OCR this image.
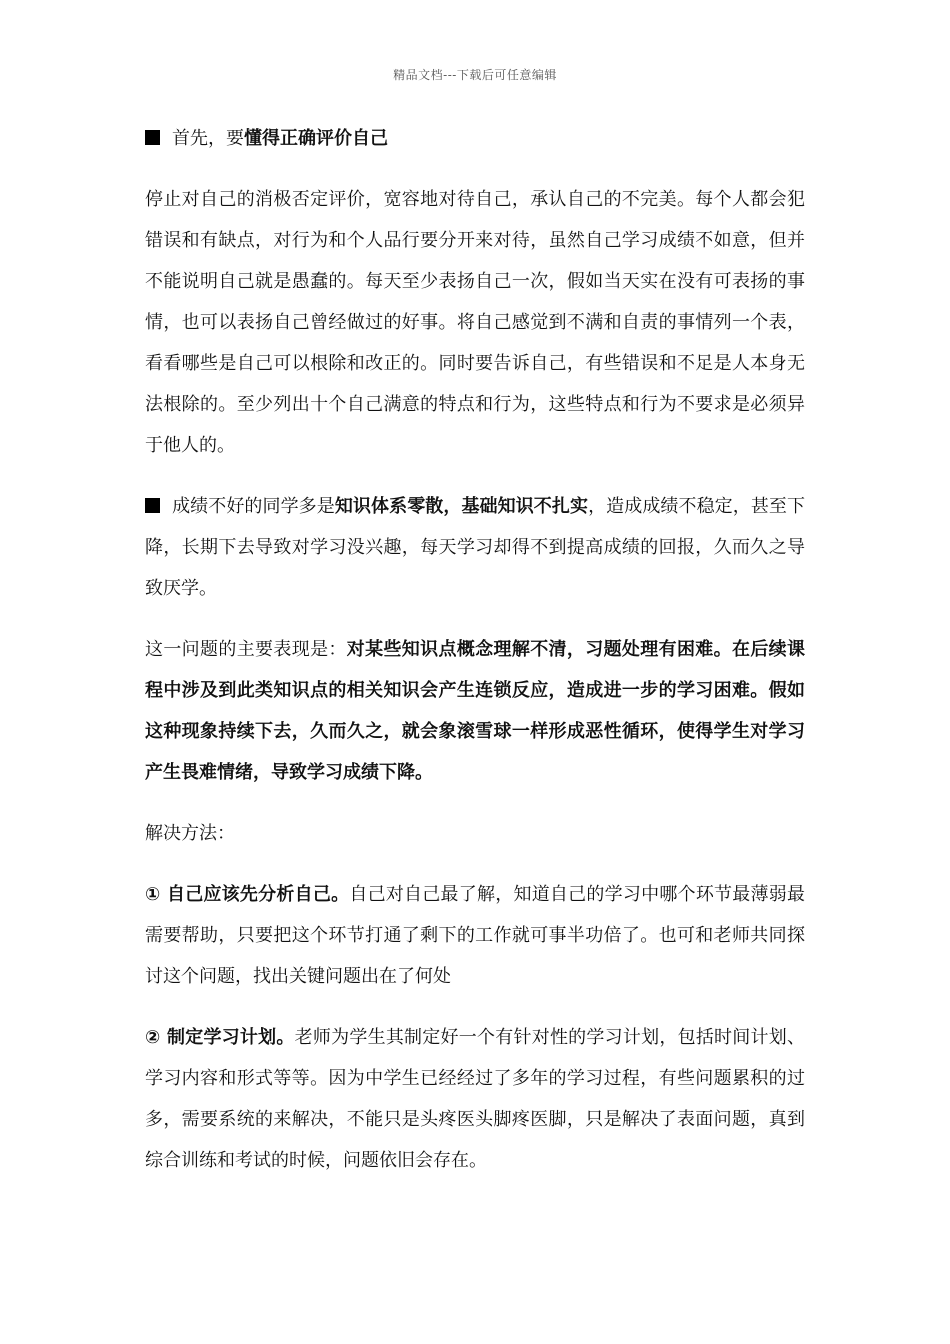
精品文档---下载后可任意编辑

首先，要懂得正确评价自己

停止对自己的消极否定评价，宽容地对待自己，承认自己的不完美。每个人都会犯错误和有缺点，对行为和个人品行要分开来对待，虽然自己学习成绩不如意，但并不能说明自己就是愚蠢的。每天至少表扬自己一次，假如当天实在没有可表扬的事情，也可以表扬自己曾经做过的好事。将自己感觉到不满和自责的事情列一个表，看看哪些是自己可以根除和改正的。同时要告诉自己，有些错误和不足是人本身无法根除的。至少列出十个自己满意的特点和行为，这些特点和行为不要求是必须异于他人的。

成绩不好的同学多是知识体系零散，基础知识不扎实，造成成绩不稳定，甚至下降，长期下去导致对学习没兴趣，每天学习却得不到提高成绩的回报，久而久之导致厌学。

这一问题的主要表现是：对某些知识点概念理解不清，习题处理有困难。在后续课程中涉及到此类知识点的相关知识会产生连锁反应，造成进一步的学习困难。假如这种现象持续下去，久而久之，就会象滚雪球一样形成恶性循环，使得学生对学习产生畏难情绪，导致学习成绩下降。

解决方法：

① 自己应该先分析自己。自己对自己最了解，知道自己的学习中哪个环节最薄弱最需要帮助，只要把这个环节打通了剩下的工作就可事半功倍了。也可和老师共同探讨这个问题，找出关键问题出在了何处

② 制定学习计划。老师为学生其制定好一个有针对性的学习计划，包括时间计划、学习内容和形式等等。因为中学生已经经过了多年的学习过程，有些问题累积的过多，需要系统的来解决，不能只是头疼医头脚疼医脚，只是解决了表面问题，真到综合训练和考试的时候，问题依旧会存在。
